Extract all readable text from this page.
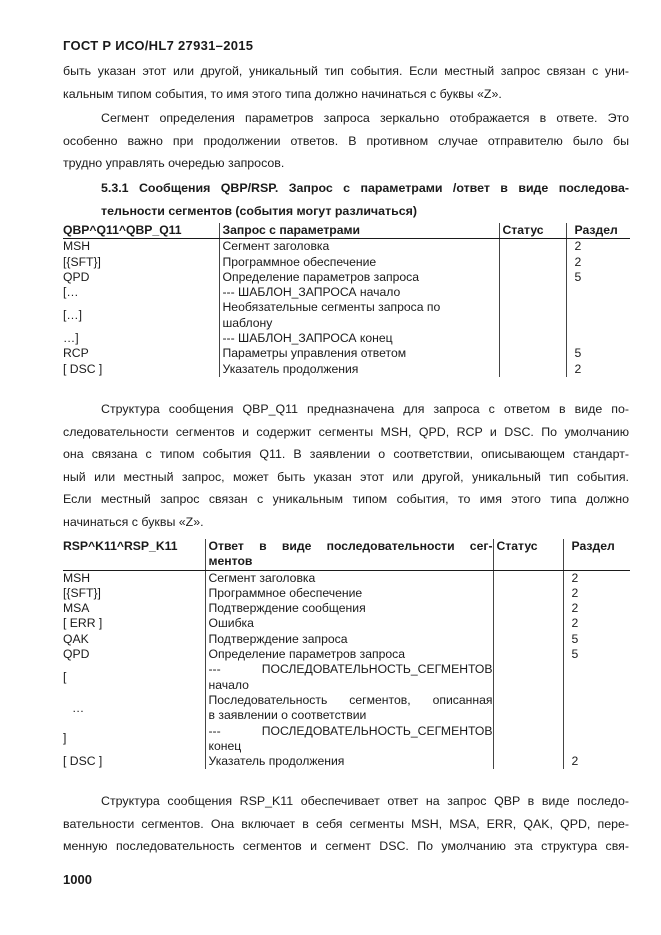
ГОСТ Р ИСО/HL7 27931–2015
быть указан этот или другой, уникальный тип события. Если местный запрос связан с уни-
кальным типом события, то имя этого типа должно начинаться с буквы «Z».
Сегмент определения параметров запроса зеркально отображается в ответе. Это
особенно важно при продолжении ответов. В противном случае отправителю было бы
трудно управлять очередью запросов.
5.3.1 Сообщения QBP/RSP. Запрос с параметрами /ответ в виде последова-
тельности сегментов (события могут различаться)
QBP^Q11^QBP_Q11	Запрос с параметрами	Статус	Раздел
MSH	Сегмент заголовка		2
[{SFT}]	Программное обеспечение		2
QPD	Определение параметров запроса		5
[…	--- ШАБЛОН_ЗАПРОСА начало		
[…]	Необязательные сегменты запроса по шаблону		
…]	--- ШАБЛОН_ЗАПРОСА конец		
RCP	Параметры управления ответом		5
[ DSC ]	Указатель продолжения		2
Структура сообщения QBP_Q11 предназначена для запроса с ответом в виде по-
следовательности сегментов и содержит сегменты MSH, QPD, RCP и DSC. По умолчанию
она связана с типом события Q11. В заявлении о соответствии, описывающем стандарт-
ный или местный запрос, может быть указан этот или другой, уникальный тип события.
Если местный запрос связан с уникальным типом события, то имя этого типа должно
начинаться с буквы «Z».
RSP^K11^RSP_K11	Ответ в виде последовательности сег-
ментов	Статус	Раздел
MSH	Сегмент заголовка		2
[{SFT}]	Программное обеспечение		2
MSA	Подтверждение сообщения		2
[ ERR ]	Ошибка		2
QAK	Подтверждение запроса		5
QPD	Определение параметров запроса		5
[	--- ПОСЛЕДОВАТЕЛЬНОСТЬ_СЕГМЕНТОВ
начало		

…	Последовательность сегментов, описанная
в заявлении о соответствии		

]	--- ПОСЛЕДОВАТЕЛЬНОСТЬ_СЕГМЕНТОВ
конец		

[ DSC ]	Указатель продолжения		2
Структура сообщения RSP_K11 обеспечивает ответ на запрос QBP в виде последо-
вательности сегментов. Она включает в себя сегменты MSH, MSA, ERR, QAK, QPD, пере-
менную последовательность сегментов и сегмент DSC. По умолчанию эта структура свя-
1000
